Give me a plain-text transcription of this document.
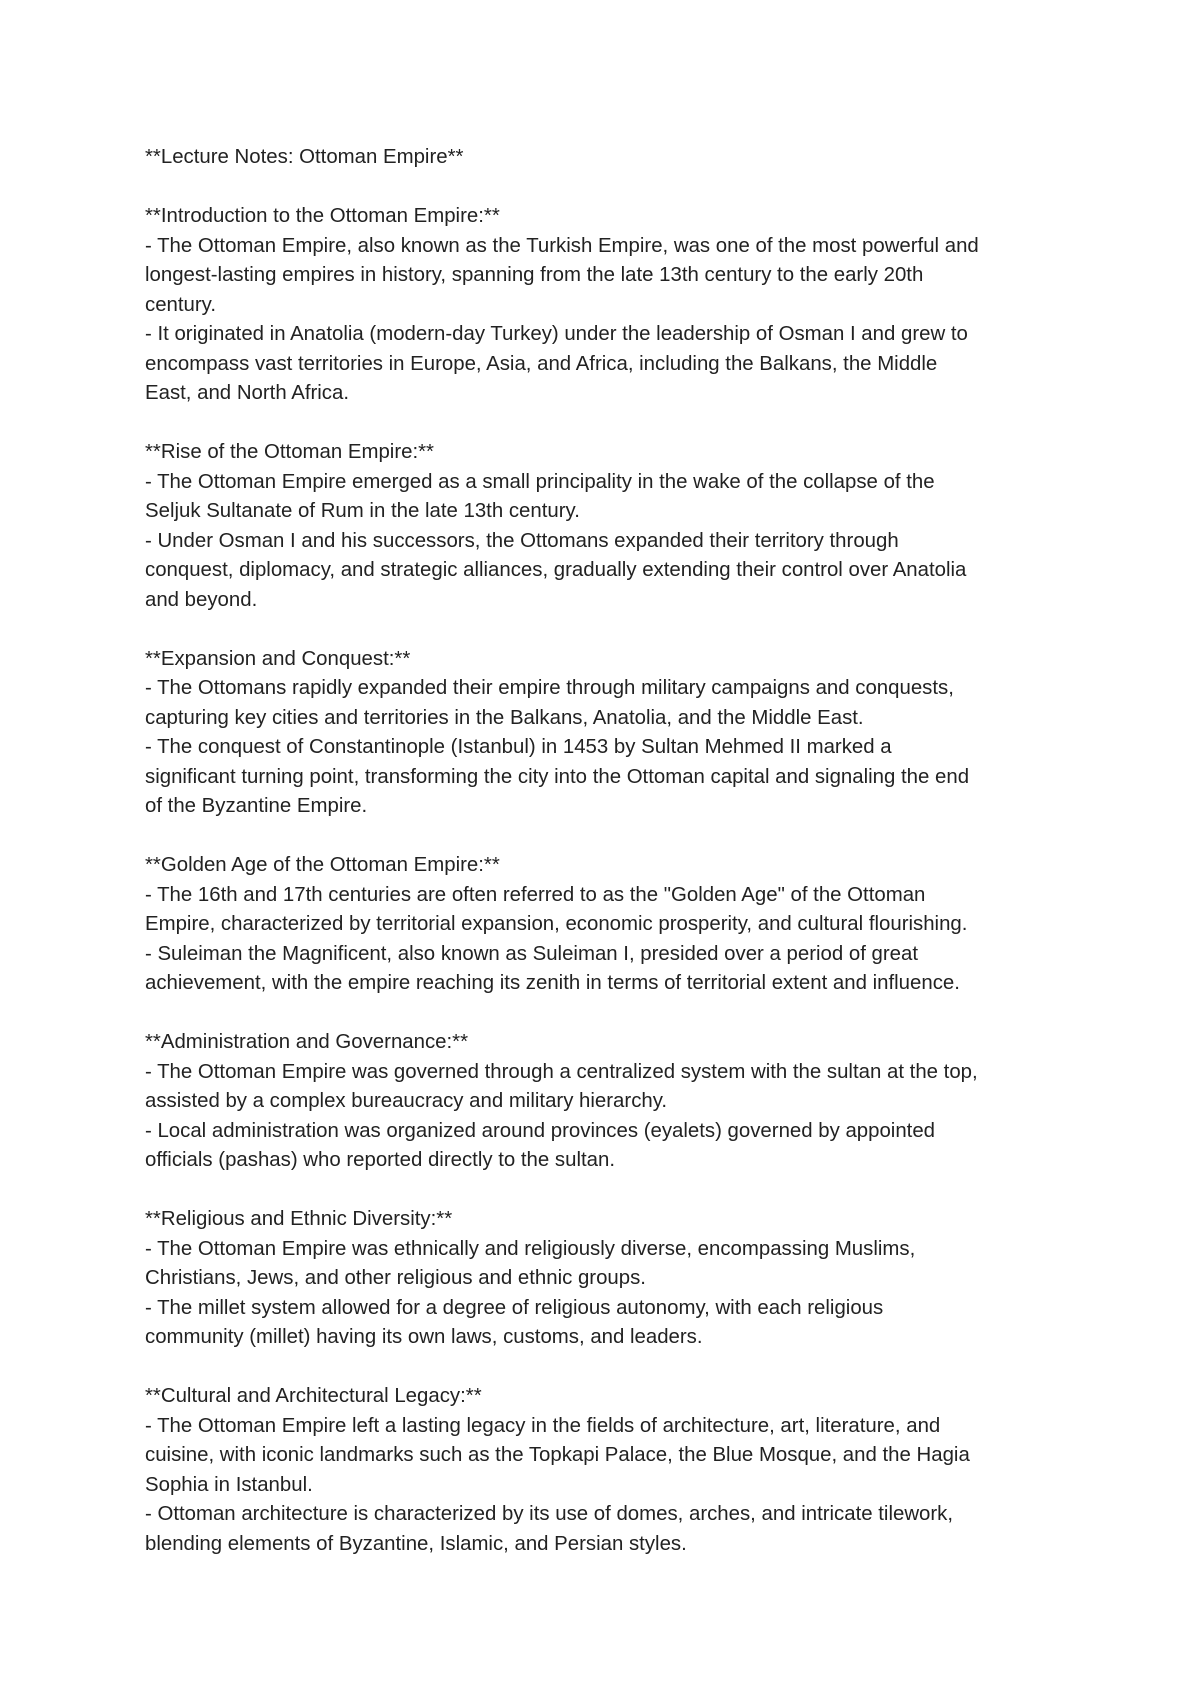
**Lecture Notes: Ottoman Empire**

**Introduction to the Ottoman Empire:**

- The Ottoman Empire, also known as the Turkish Empire, was one of the most powerful and

longest-lasting empires in history, spanning from the late 13th century to the early 20th

century.

- It originated in Anatolia (modern-day Turkey) under the leadership of Osman I and grew to

encompass vast territories in Europe, Asia, and Africa, including the Balkans, the Middle

East, and North Africa.

**Rise of the Ottoman Empire:**

- The Ottoman Empire emerged as a small principality in the wake of the collapse of the

Seljuk Sultanate of Rum in the late 13th century.

- Under Osman I and his successors, the Ottomans expanded their territory through

conquest, diplomacy, and strategic alliances, gradually extending their control over Anatolia

and beyond.

**Expansion and Conquest:**

- The Ottomans rapidly expanded their empire through military campaigns and conquests,

capturing key cities and territories in the Balkans, Anatolia, and the Middle East.

- The conquest of Constantinople (Istanbul) in 1453 by Sultan Mehmed II marked a

significant turning point, transforming the city into the Ottoman capital and signaling the end

of the Byzantine Empire.

**Golden Age of the Ottoman Empire:**

- The 16th and 17th centuries are often referred to as the "Golden Age" of the Ottoman

Empire, characterized by territorial expansion, economic prosperity, and cultural flourishing.

- Suleiman the Magnificent, also known as Suleiman I, presided over a period of great

achievement, with the empire reaching its zenith in terms of territorial extent and influence.

**Administration and Governance:**

- The Ottoman Empire was governed through a centralized system with the sultan at the top,

assisted by a complex bureaucracy and military hierarchy.

- Local administration was organized around provinces (eyalets) governed by appointed

officials (pashas) who reported directly to the sultan.

**Religious and Ethnic Diversity:**

- The Ottoman Empire was ethnically and religiously diverse, encompassing Muslims,

Christians, Jews, and other religious and ethnic groups.

- The millet system allowed for a degree of religious autonomy, with each religious

community (millet) having its own laws, customs, and leaders.

**Cultural and Architectural Legacy:**

- The Ottoman Empire left a lasting legacy in the fields of architecture, art, literature, and

cuisine, with iconic landmarks such as the Topkapi Palace, the Blue Mosque, and the Hagia

Sophia in Istanbul.

- Ottoman architecture is characterized by its use of domes, arches, and intricate tilework,

blending elements of Byzantine, Islamic, and Persian styles.
